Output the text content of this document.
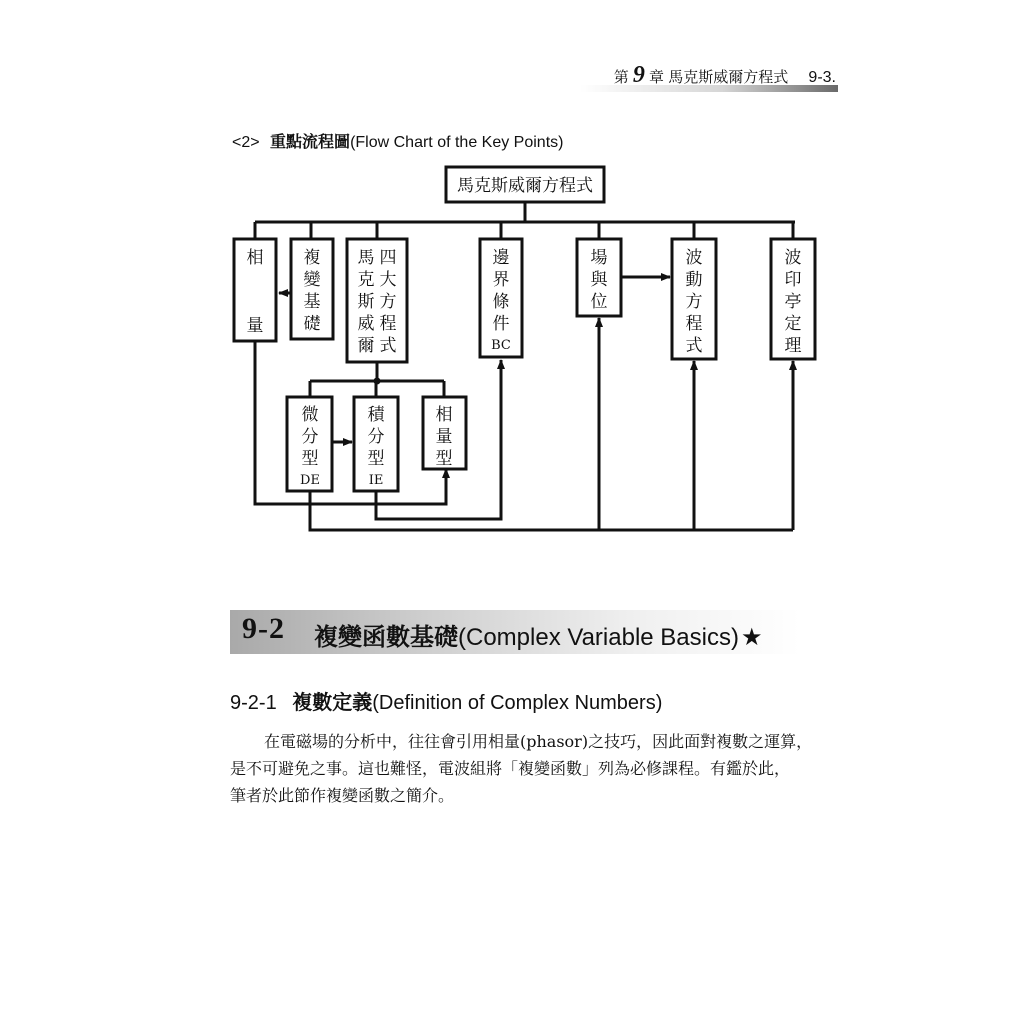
第 9 章 馬克斯威爾方程式 9-3.
<2> 重點流程圖(Flow Chart of the Key Points)
馬克斯威爾方程式
相
量
複
變
基
礎
馬
克
斯
威
爾
四
大
方
程
式
邊
界
條
件
BC
場
與
位
波
動
方
程
式
波
印
亭
定
理
微
分
型
DE
積
分
型
IE
相
量
型
9-2 複變函數基礎(Complex Variable Basics)★
9-2-1 複數定義(Definition of Complex Numbers)
在電磁場的分析中，往往會引用相量(phasor)之技巧，因此面對複數之運算，
是不可避免之事。這也難怪，電波組將「複變函數」列為必修課程。有鑑於此，
筆者於此節作複變函數之簡介。
